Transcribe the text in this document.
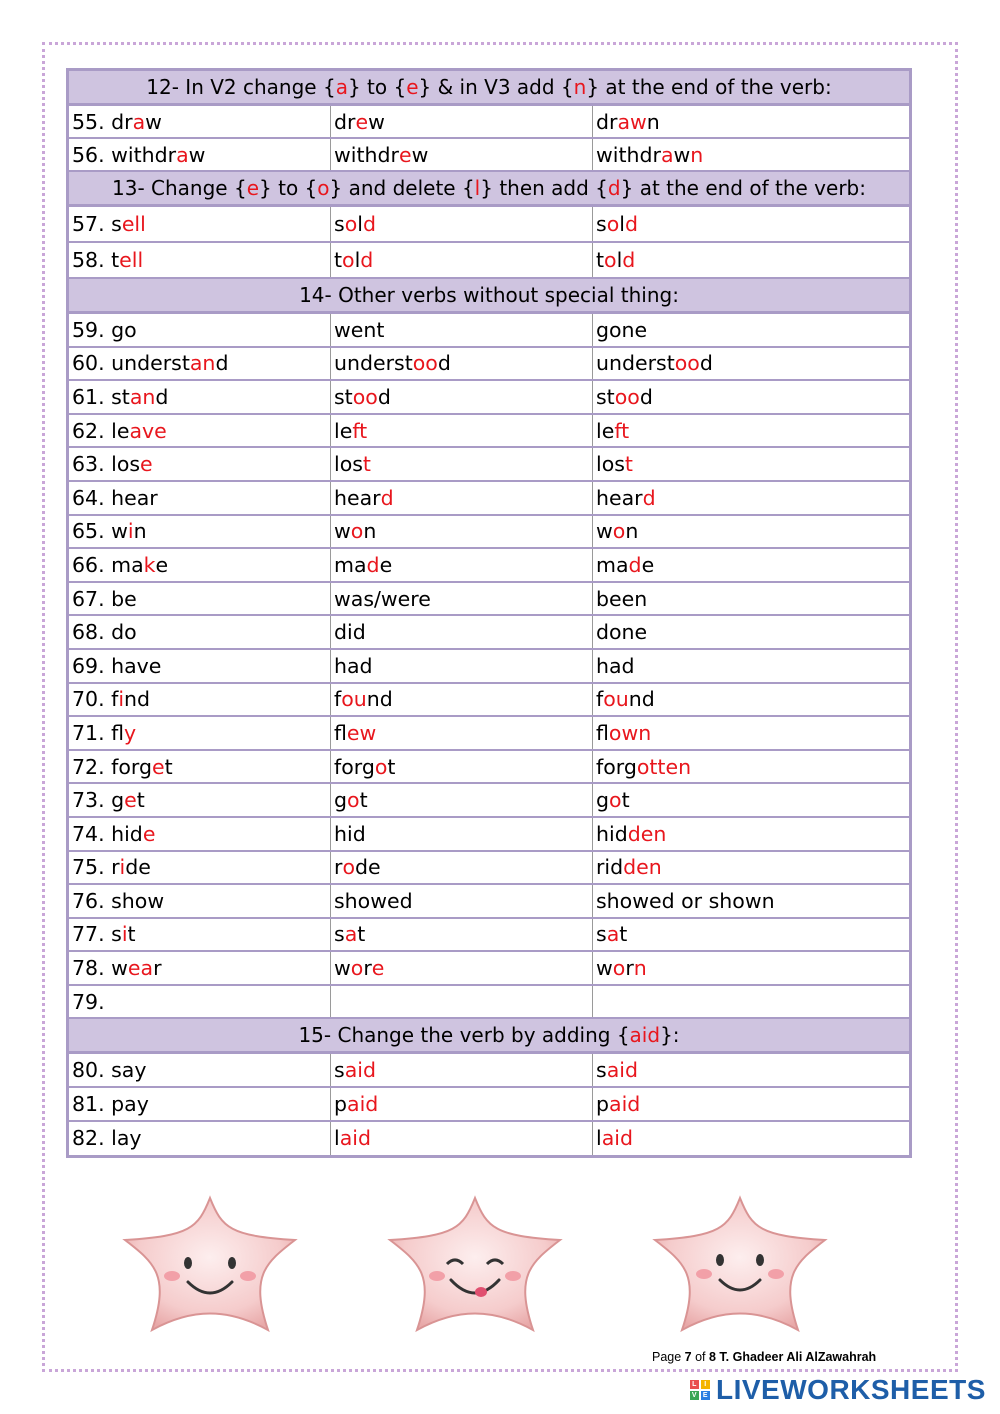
12- In V2 change { a } to { e } & in V3 add { n } at the end of the verb:
55. dr a w	dr e w	dr aw n
56. withdr a w	withdr e w	withdr a w n
13- Change { e } to { o } and delete { l } then add { d } at the end of the verb:
57. s ell	s o l d	s o l d
58. t ell	t o l d	t o l d
14- Other verbs without special thing:
59. go	went	gone
60. underst an d	underst oo d	underst oo d
61. st an d	st oo d	st oo d
62. le ave	le ft	le ft
63. los e	los t	los t
64. hear	hear d	hear d
65. w i n	w o n	w o n
66. ma k e	ma d e	ma d e
67. be	was/were	been
68. do	did	done
69. have	had	had
70. f i nd	f ou nd	f ou nd
71. fl y	fl ew	fl own
72. forg e t	forg o t	forg otten
73. g e t	g o t	g o t
74. hid e	hid	hid den
75. r i de	r o de	rid den
76. show	showed	showed or shown
77. s i t	s a t	s a t
78. w ea r	w o r e	w o r n
79.
15- Change the verb by adding { aid }:
80. say	s aid	s aid
81. pay	p aid	p aid
82. lay	l aid	l aid
Page 7 of 8 T. Ghadeer Ali AlZawahrah
L	I
V E LIVEWORKSHEETS
